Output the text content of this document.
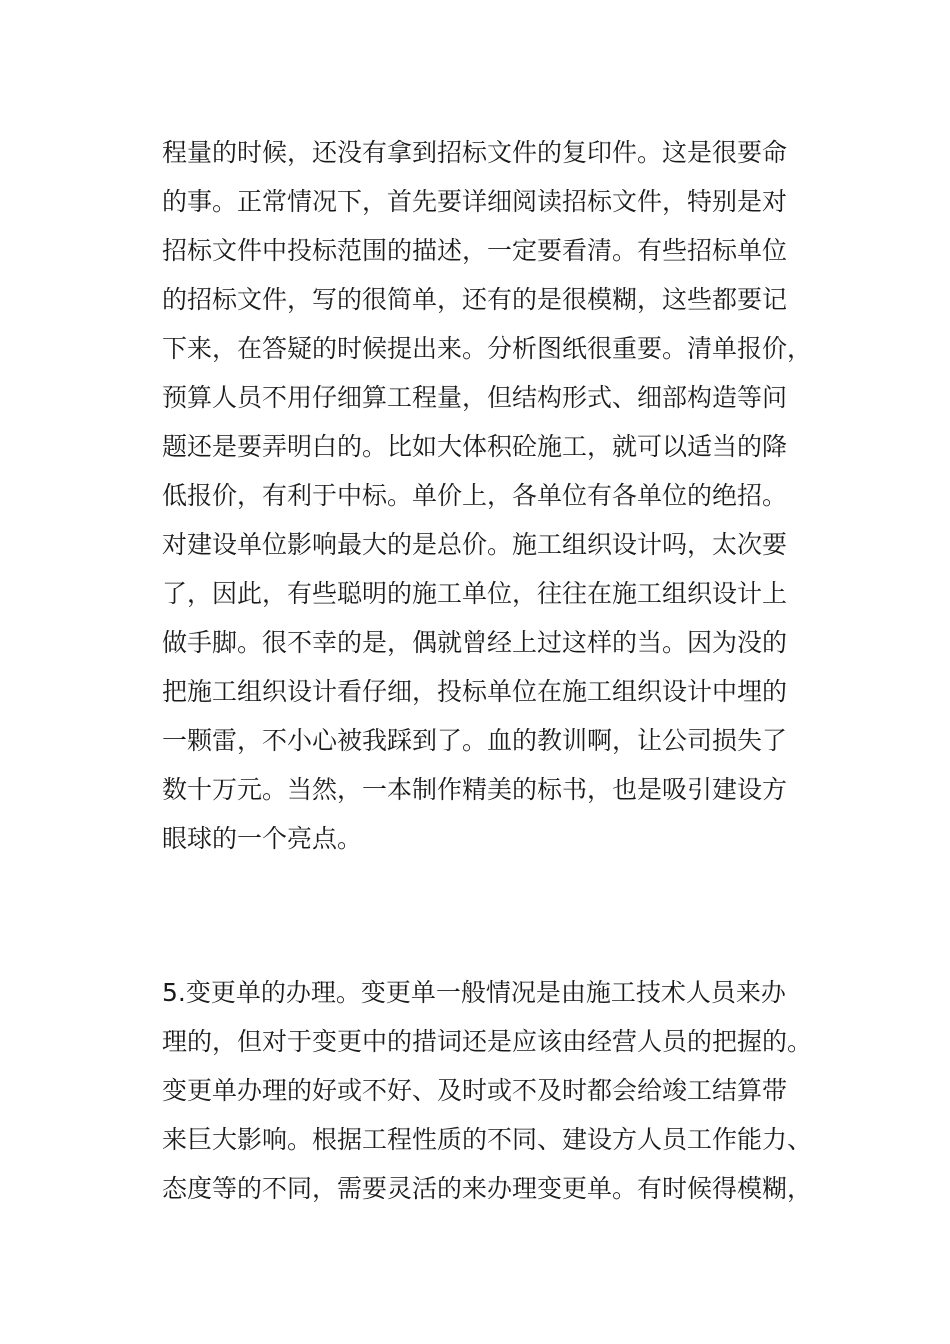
程量的时候，还没有拿到招标文件的复印件。这是很要命
的事。正常情况下，首先要详细阅读招标文件，特别是对
招标文件中投标范围的描述，一定要看清。有些招标单位
的招标文件，写的很简单，还有的是很模糊，这些都要记
下来，在答疑的时候提出来。分析图纸很重要。清单报价，
预算人员不用仔细算工程量，但结构形式、细部构造等问
题还是要弄明白的。比如大体积砼施工，就可以适当的降
低报价，有利于中标。单价上，各单位有各单位的绝招。
对建设单位影响最大的是总价。施工组织设计吗，太次要
了，因此，有些聪明的施工单位，往往在施工组织设计上
做手脚。很不幸的是，偶就曾经上过这样的当。因为没的
把施工组织设计看仔细，投标单位在施工组织设计中埋的
一颗雷，不小心被我踩到了。血的教训啊，让公司损失了
数十万元。当然，一本制作精美的标书，也是吸引建设方
眼球的一个亮点。
5.变更单的办理。变更单一般情况是由施工技术人员来办
理的，但对于变更中的措词还是应该由经营人员的把握的。
变更单办理的好或不好、及时或不及时都会给竣工结算带
来巨大影响。根据工程性质的不同、建设方人员工作能力、
态度等的不同，需要灵活的来办理变更单。有时候得模糊，
